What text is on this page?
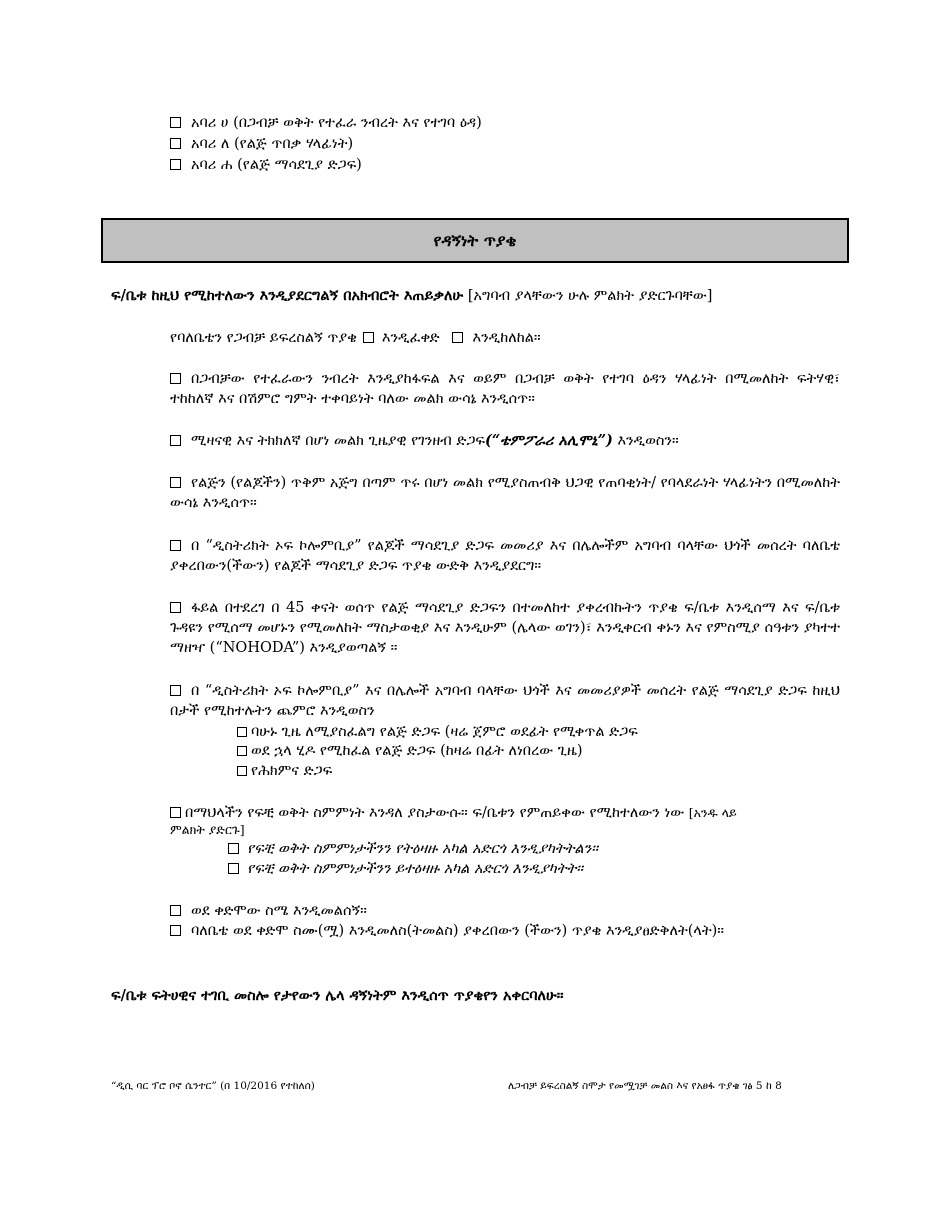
አባሪ ሀ (በጋብቻ ወቅት የተፈራ ንብረት እና የተገባ ዕዳ)
አባሪ ለ (የልጅ ጥበቃ ሃላፊነት)
አባሪ ሐ (የልጅ ማሳደጊያ ድጋፍ)
የዳኝነት ጥያቄ
ፍ/ቤቱ ከዚህ የሚከተለውን እንዲያደርግልኝ በአክብሮት እጠይቃለሁ [አግባብ ያላቸውን ሁሉ ምልክት ያድርጉባቸው]
የባለቤቴን የጋብቻ ይፍረስልኝ ጥያቄ እንዲፈቀድ እንዲከለከል።
በጋብቻው የተፈራውን ንብረት እንዲያከፋፍል እና ወይም በጋብቻ ወቅት የተገባ ዕዳን ሃላፊነት በሚመለከት ፍትሃዊ፣ ተከከለኛ እና በሽምሮ ግምት ተቀባይነት ባለው መልክ ውሳኔ እንዲሰጥ።
ሚዛናዊ እና ትክክለኛ በሆነ መልክ ጊዜያዊ የገንዘብ ድጋፍ(“ቴምፖራሪ አሊሞኒ”) እንዲወስን።
የልጅን (የልጆችን) ጥቅም አጅግ በጣም ጥሩ በሆነ መልክ የሚያስጠብቅ ህጋዊ የጠባቂነት/ የባላደራነት ሃላፊነትን በሚመለከት ውሳኔ እንዲሰጥ።
በ “ዲስትሪክት ኦፍ ኮሎምቢያ” የልጆች ማሳደጊያ ድጋፍ መመሪያ እና በሌሎችም አግባብ ባላቸው ህጎች መሰረት ባለቤቴ ያቀረበውን(ችውን) የልጆች ማሳደጊያ ድጋፍ ጥያቄ ውድቅ እንዲያደርግ።
ፋይል በተደረገ በ 45 ቀናት ወሰጥ የልጅ ማሳደጊያ ድጋፍን በተመለከተ ያቀረብኩትን ጥያቄ ፍ/ቤቱ እንዲሰማ እና ፍ/ቤቱ ጉዳዩን የሚሰማ መሆኑን የሚመለከት ማስታወቂያ እና እንዲሁም (ሌላው ወገን)፣ እንዲቀርብ ቀኑን እና የምስሚያ ሰዓቱን ያካተተ ማዘዣ (“NOHODA”) እንዲያወጣልኝ ።
በ “ዲስትሪክት ኦፍ ኮሎምቢያ” እና በሌሎች አግባብ ባላቸው ህጎች እና መመሪያዎች መሰረት የልጅ ማሳደጊያ ድጋፍ ከዚህ በታች የሚከተሉትን ጨምሮ እንዲወስን
ባሁኑ ጊዜ ለሚያስፈልግ የልጅ ድጋፍ (ዛሬ ጀምሮ ወደፊት የሚቀጥል ድጋፍ
ወደ ኋላ ሂዶ የሚከፈል የልጅ ድጋፍ (ከዛሬ በፊት ለነበረው ጊዜ)
የሕክምና ድጋፍ
በማህላችን የፍቺ ወቅት ስምምነት እንዳለ ያስታውሱ። ፍ/ቤቱን የምጠይቀው የሚከተለውን ነው [አንዱ ላይ
ምልክት ያድርጉ]
የፍቺ ወቅት ስምምነታችንን የትዕዛዙ አካል አድርጎ እንዲያካትትልን።
የፍቺ ወቅት ስምምነታችንን ይተዕዛዙ አካል አድርጎ እንዲያካትት።
ወደ ቀድሞው ስሜ እንዲመልሰኝ።
ባለቤቴ ወደ ቀድሞ ስሙ(ሟ) እንዲመለስ(ትመልስ) ያቀረበውን (ችውን) ጥያቄ እንዲያፀድቅለት(ላት)።
ፍ/ቤቱ ፍትሀዊና ተገቢ መስሎ የታየውን ሌላ ዳኝነትም እንዲሰጥ ጥያቄየን አቀርባለሁ።
“ዲሲ ባር ፕሮ ቦኖ ሴንተር” (በ 10/2016 የተከለሰ)	ለጋብቻ ይፍረስልኝ ስሞታ የመሟገቻ መልስ እና የአፀፋ ጥያቄ ገፅ 5 ከ 8
